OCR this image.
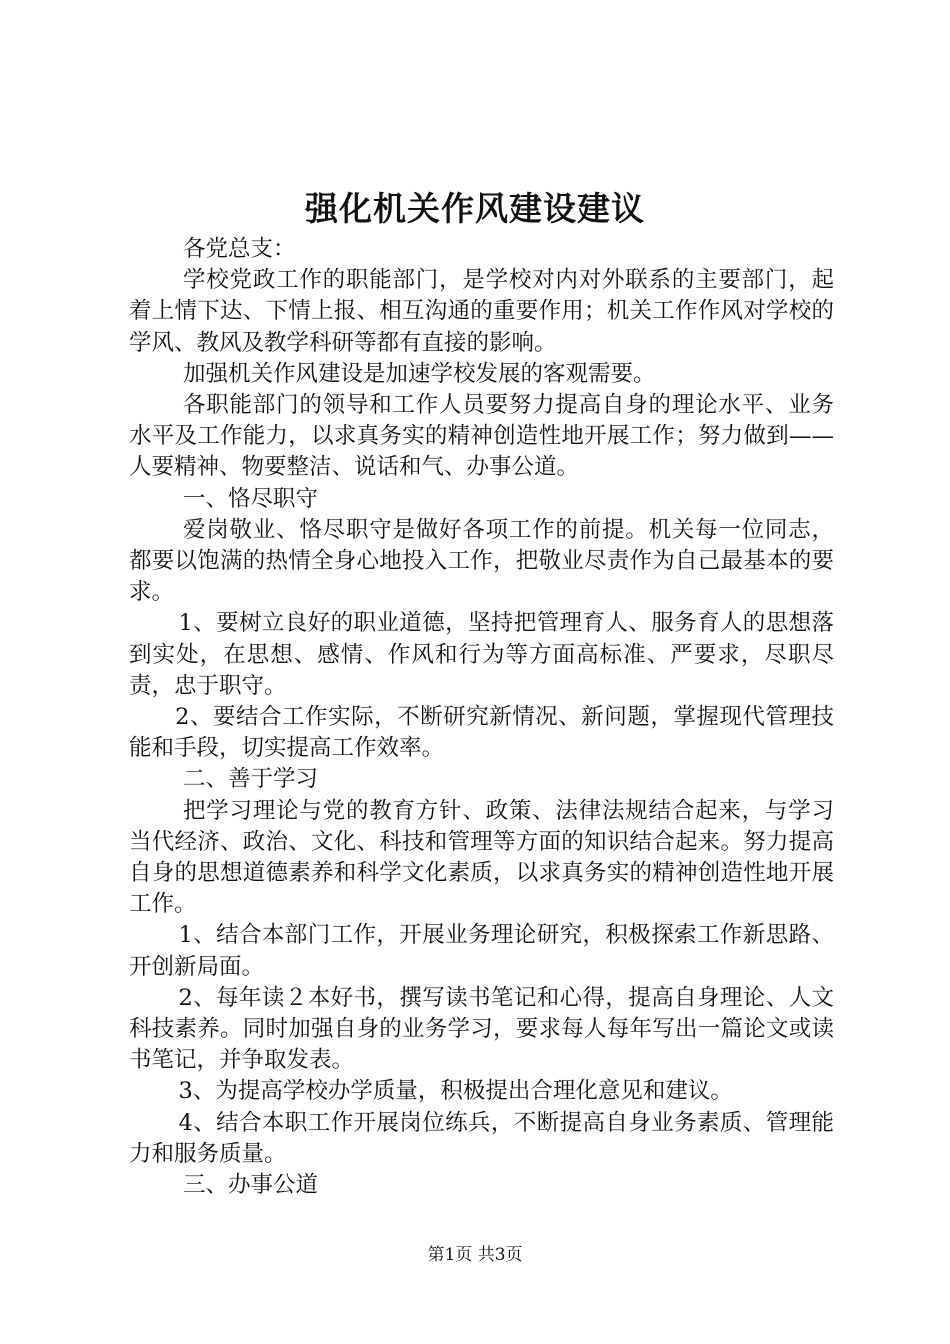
强化机关作风建设建议

各党总支：

学校党政工作的职能部门，是学校对内对外联系的主要部门，起着上情下达、下情上报、相互沟通的重要作用；机关工作作风对学校的学风、教风及教学科研等都有直接的影响。

加强机关作风建设是加速学校发展的客观需要。

各职能部门的领导和工作人员要努力提高自身的理论水平、业务水平及工作能力，以求真务实的精神创造性地开展工作；努力做到——人要精神、物要整洁、说话和气、办事公道。

一、恪尽职守

爱岗敬业、恪尽职守是做好各项工作的前提。机关每一位同志，都要以饱满的热情全身心地投入工作，把敬业尽责作为自己最基本的要求。

1、要树立良好的职业道德，坚持把管理育人、服务育人的思想落到实处，在思想、感情、作风和行为等方面高标准、严要求，尽职尽责，忠于职守。

2、要结合工作实际，不断研究新情况、新问题，掌握现代管理技能和手段，切实提高工作效率。

二、善于学习

把学习理论与党的教育方针、政策、法律法规结合起来，与学习当代经济、政治、文化、科技和管理等方面的知识结合起来。努力提高自身的思想道德素养和科学文化素质，以求真务实的精神创造性地开展工作。

1、结合本部门工作，开展业务理论研究，积极探索工作新思路、开创新局面。

2、每年读２本好书，撰写读书笔记和心得，提高自身理论、人文科技素养。同时加强自身的业务学习，要求每人每年写出一篇论文或读书笔记，并争取发表。

3、为提高学校办学质量，积极提出合理化意见和建议。

4、结合本职工作开展岗位练兵，不断提高自身业务素质、管理能力和服务质量。

三、办事公道

第1页 共3页
